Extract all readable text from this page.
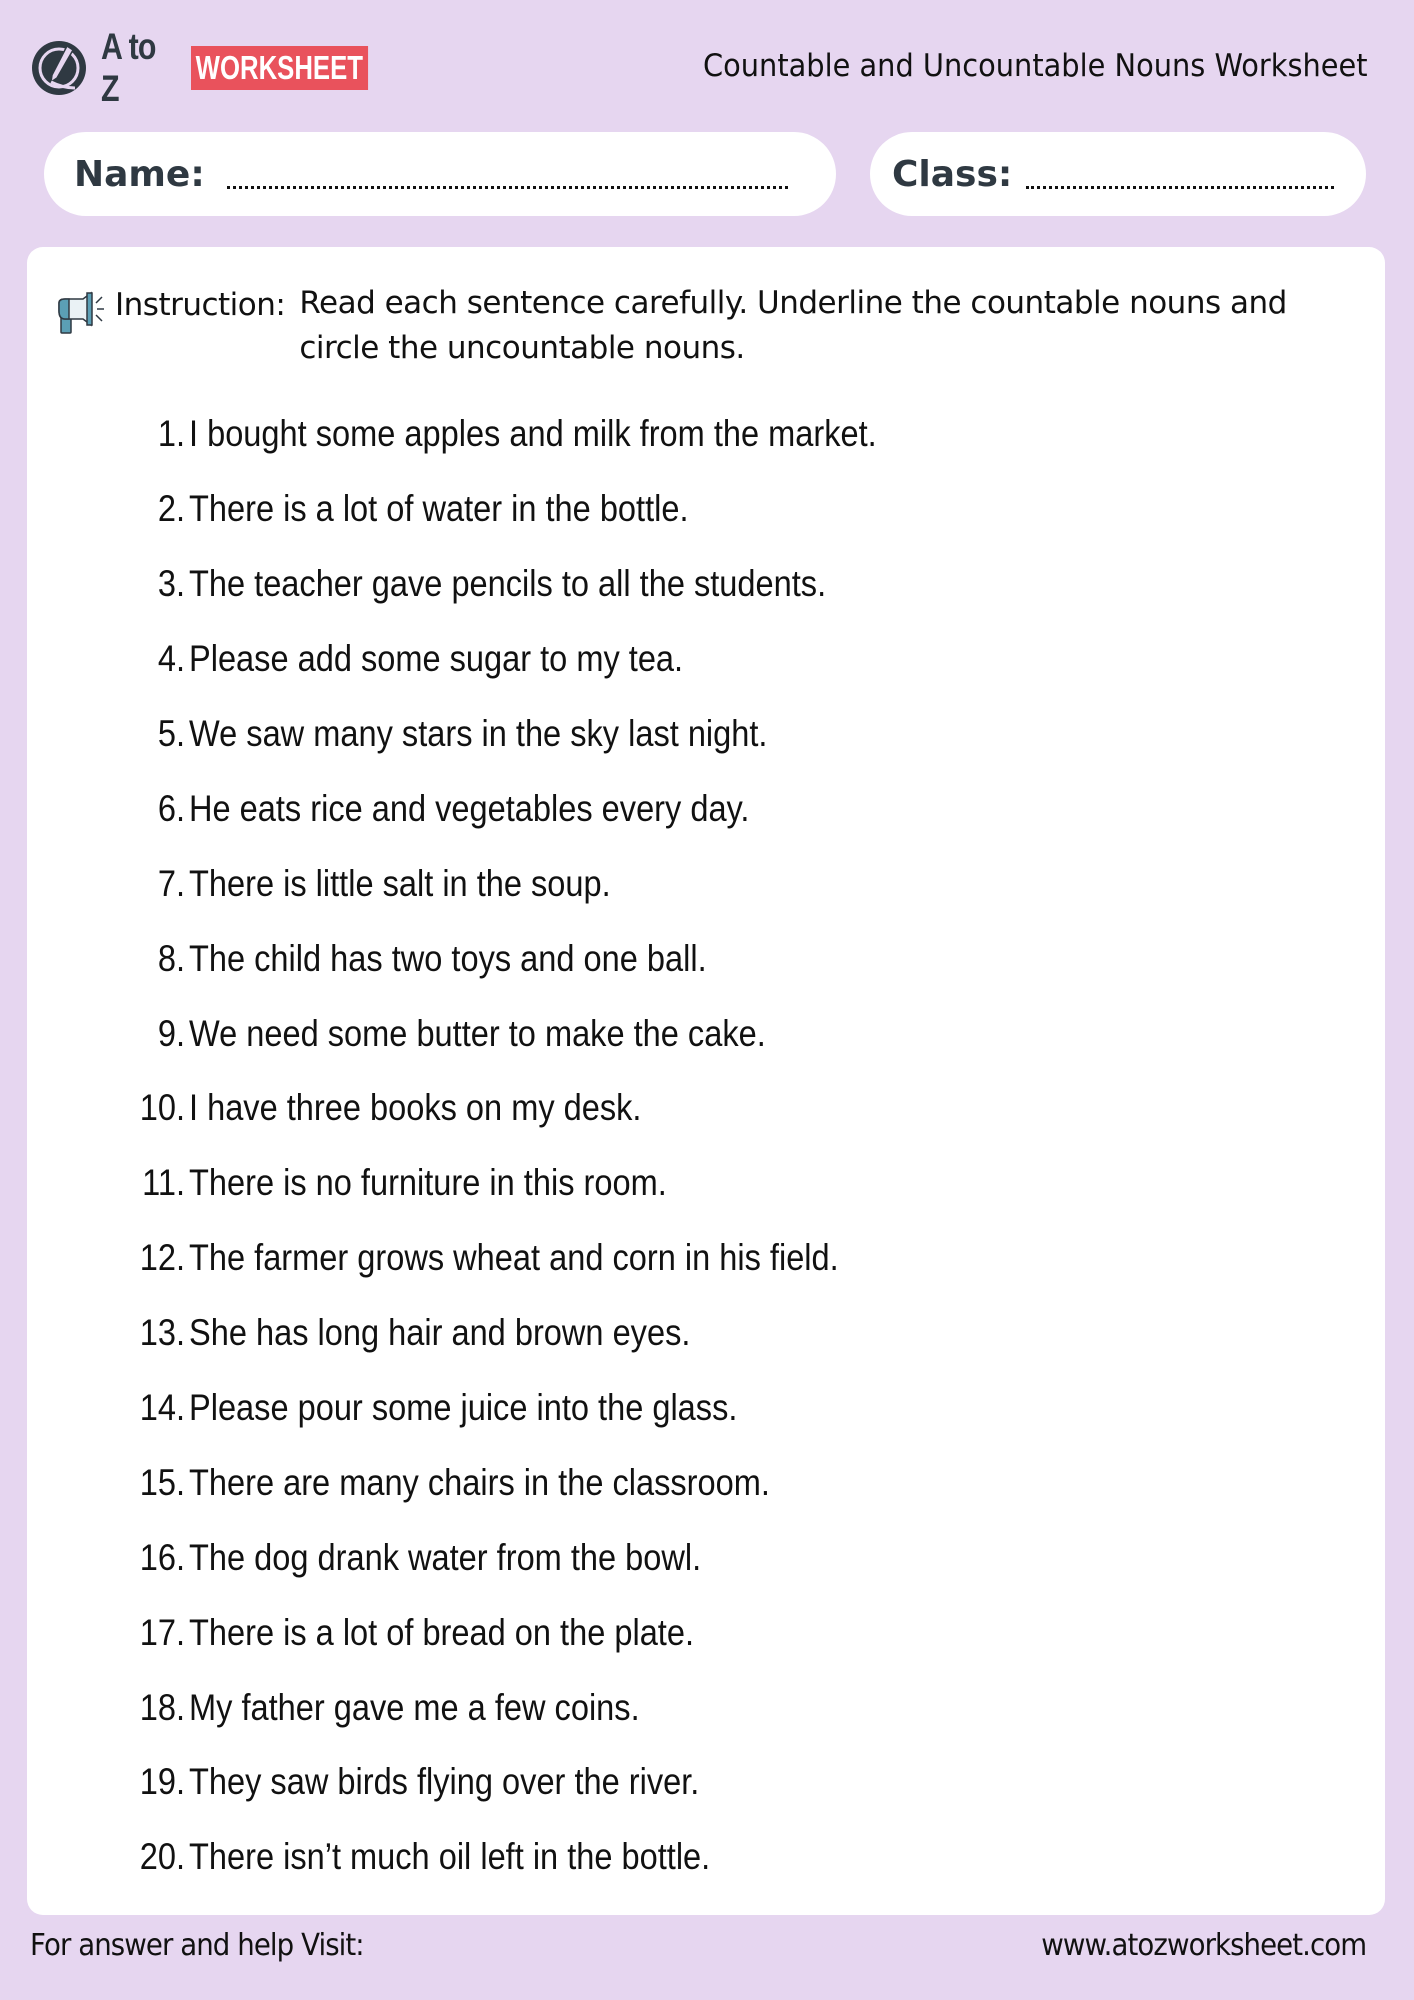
A to Z
WORKSHEET	Countable and Uncountable Nouns Worksheet
Name:	Class:
Instruction: Read each sentence carefully. Underline the countable nouns and circle the uncountable nouns.
1. I bought some apples and milk from the market.
2. There is a lot of water in the bottle.
3. The teacher gave pencils to all the students.
4. Please add some sugar to my tea.
5. We saw many stars in the sky last night.
6. He eats rice and vegetables every day.
7. There is little salt in the soup.
8. The child has two toys and one ball.
9. We need some butter to make the cake.
10. I have three books on my desk.
11. There is no furniture in this room.
12. The farmer grows wheat and corn in his field.
13. She has long hair and brown eyes.
14. Please pour some juice into the glass.
15. There are many chairs in the classroom.
16. The dog drank water from the bowl.
17. There is a lot of bread on the plate.
18. My father gave me a few coins.
19. They saw birds flying over the river.
20. There isn’t much oil left in the bottle.
For answer and help Visit:	www.atozworksheet.com
